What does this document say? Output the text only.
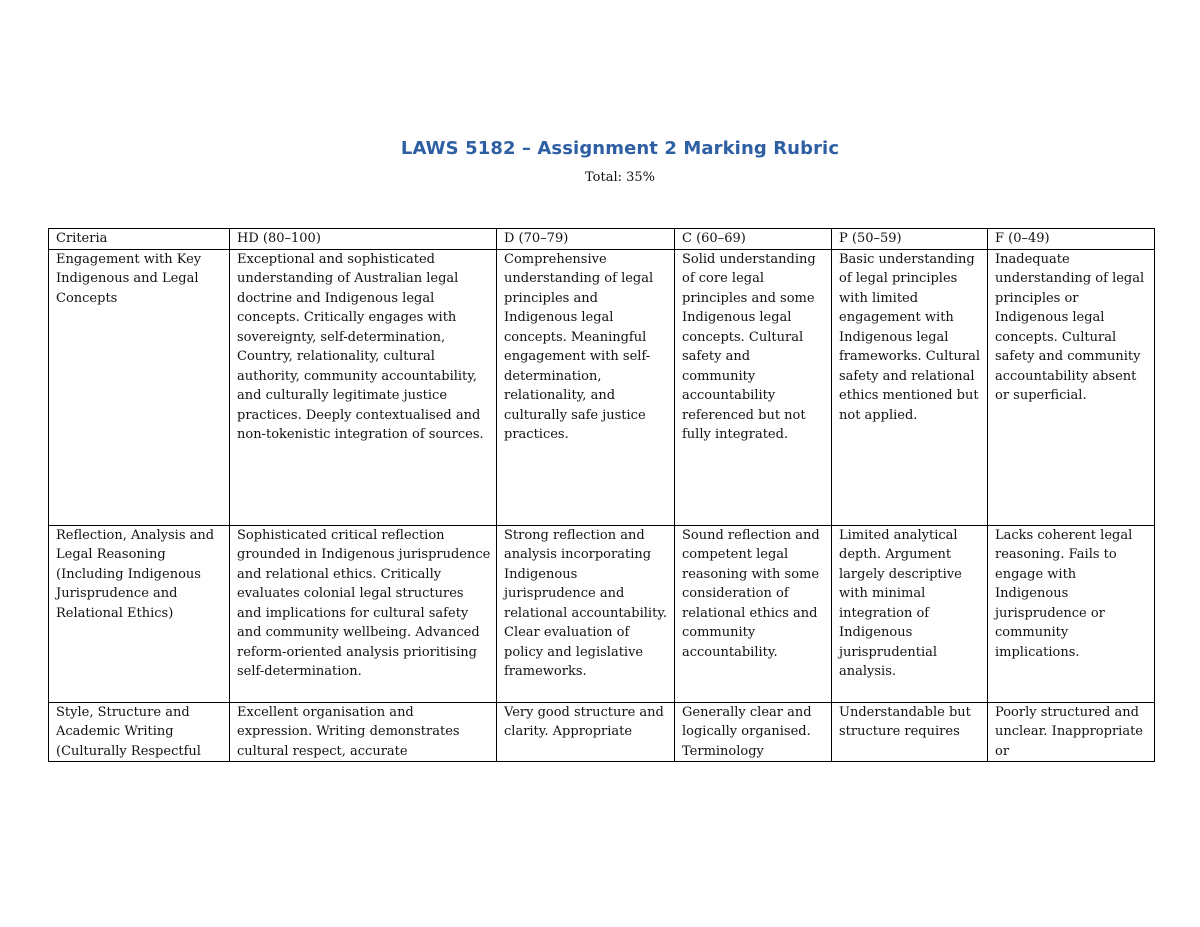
LAWS 5182 – Assignment 2 Marking Rubric
Total: 35%
Criteria	HD (80–100)	D (70–79)	C (60–69)	P (50–59)	F (0–49)
Engagement with Key Indigenous and Legal Concepts	Exceptional and sophisticated understanding of Australian legal doctrine and Indigenous legal concepts. Critically engages with sovereignty, self-determination, Country, relationality, cultural authority, community accountability, and culturally legitimate justice practices. Deeply contextualised and non-tokenistic integration of sources.	Comprehensive understanding of legal principles and Indigenous legal concepts. Meaningful engagement with self-determination, relationality, and culturally safe justice practices.	Solid understanding of core legal principles and some Indigenous legal concepts. Cultural safety and community accountability referenced but not fully integrated.	Basic understanding of legal principles with limited engagement with Indigenous legal frameworks. Cultural safety and relational ethics mentioned but not applied.	Inadequate understanding of legal principles or Indigenous legal concepts. Cultural safety and community accountability absent or superficial.
Reflection, Analysis and Legal Reasoning (Including Indigenous Jurisprudence and Relational Ethics)	Sophisticated critical reflection grounded in Indigenous jurisprudence and relational ethics. Critically evaluates colonial legal structures and implications for cultural safety and community wellbeing. Advanced reform-oriented analysis prioritising self-determination.	Strong reflection and analysis incorporating Indigenous jurisprudence and relational accountability. Clear evaluation of policy and legislative frameworks.	Sound reflection and competent legal reasoning with some consideration of relational ethics and community accountability.	Limited analytical depth. Argument largely descriptive with minimal integration of Indigenous jurisprudential analysis.	Lacks coherent legal reasoning. Fails to engage with Indigenous jurisprudence or community implications.
Style, Structure and Academic Writing (Culturally Respectful	Excellent organisation and expression. Writing demonstrates cultural respect, accurate	Very good structure and clarity. Appropriate	Generally clear and logically organised. Terminology	Understandable but structure requires	Poorly structured and unclear. Inappropriate or
